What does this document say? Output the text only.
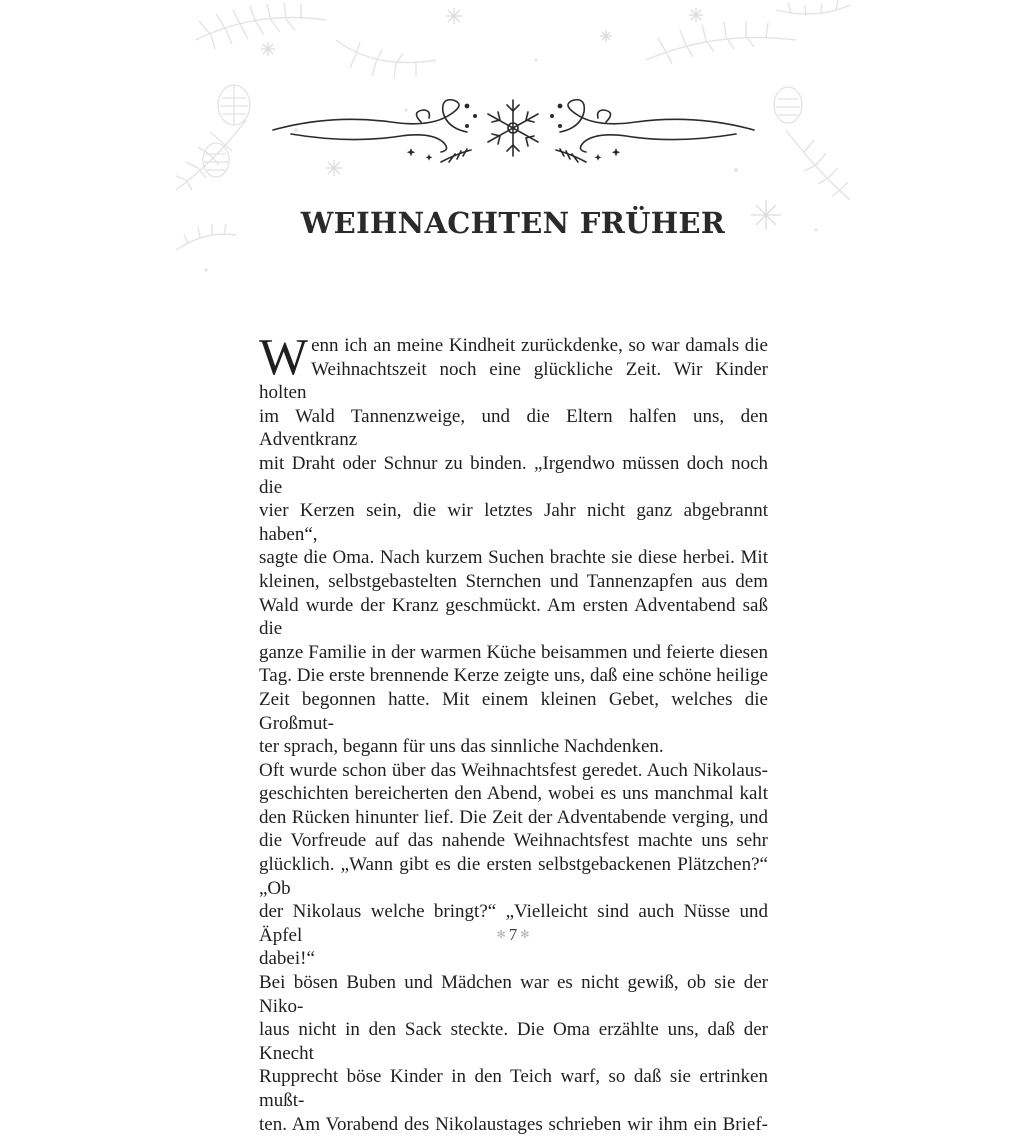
WEIHNACHTEN FRÜHER
W enn ich an meine Kindheit zurückdenke, so war damals die
Weihnachtszeit noch eine glückliche Zeit. Wir Kinder holten
im Wald Tannenzweige, und die Eltern halfen uns, den Adventkranz
mit Draht oder Schnur zu binden. „Irgendwo müssen doch noch die
vier Kerzen sein, die wir letztes Jahr nicht ganz abgebrannt haben“,
sagte die Oma. Nach kurzem Suchen brachte sie diese herbei. Mit
kleinen, selbstgebastelten Sternchen und Tannenzapfen aus dem
Wald wurde der Kranz geschmückt. Am ersten Adventabend saß die
ganze Familie in der warmen Küche beisammen und feierte diesen
Tag. Die erste brennende Kerze zeigte uns, daß eine schöne heilige
Zeit begonnen hatte. Mit einem kleinen Gebet, welches die Großmut-
ter sprach, begann für uns das sinnliche Nachdenken.
Oft wurde schon über das Weihnachtsfest geredet. Auch Nikolaus-
geschichten bereicherten den Abend, wobei es uns manchmal kalt
den Rücken hinunter lief. Die Zeit der Adventabende verging, und
die Vorfreude auf das nahende Weihnachtsfest machte uns sehr
glücklich. „Wann gibt es die ersten selbstgebackenen Plätzchen?“ „Ob
der Nikolaus welche bringt?“ „Vielleicht sind auch Nüsse und Äpfel
dabei!“
Bei bösen Buben und Mädchen war es nicht gewiß, ob sie der Niko-
laus nicht in den Sack steckte. Die Oma erzählte uns, daß der Knecht
Rupprecht böse Kinder in den Teich warf, so daß sie ertrinken mußt-
ten. Am Vorabend des Nikolaustages schrieben wir ihm ein Brief-
✻ 7 ✻
